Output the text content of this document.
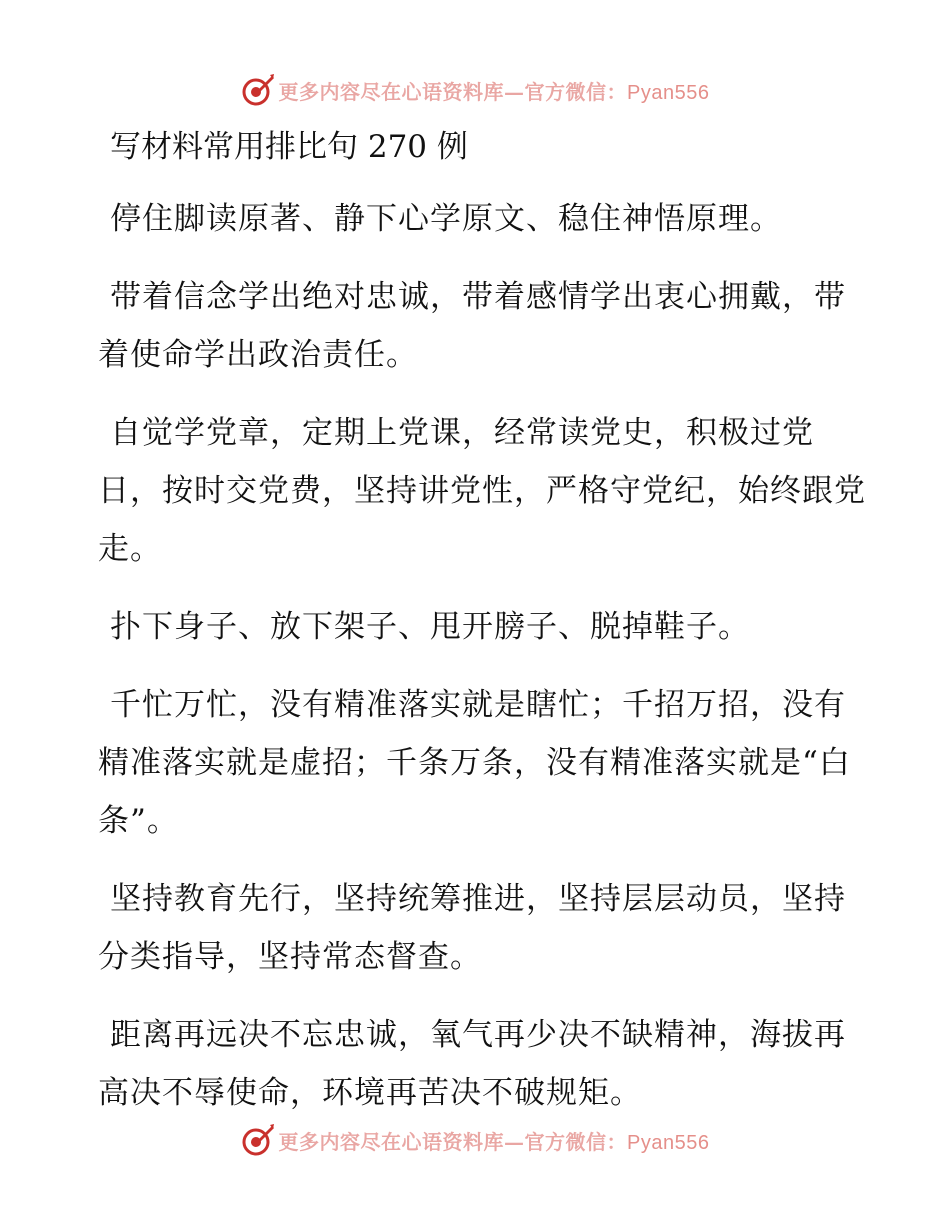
更多内容尽在心语资料库—官方微信：Pyan556
写材料常用排比句 270 例

停住脚读原著、静下心学原文、稳住神悟原理。

带着信念学出绝对忠诚，带着感情学出衷心拥戴，带着使命学出政治责任。

自觉学党章，定期上党课，经常读党史，积极过党日，按时交党费，坚持讲党性，严格守党纪，始终跟党走。

扑下身子、放下架子、甩开膀子、脱掉鞋子。

千忙万忙，没有精准落实就是瞎忙；千招万招，没有精准落实就是虚招；千条万条，没有精准落实就是“白条”。

坚持教育先行，坚持统筹推进，坚持层层动员，坚持分类指导，坚持常态督查。

距离再远决不忘忠诚，氧气再少决不缺精神，海拔再高决不辱使命，环境再苦决不破规矩。

更多内容尽在心语资料库—官方微信：Pyan556
